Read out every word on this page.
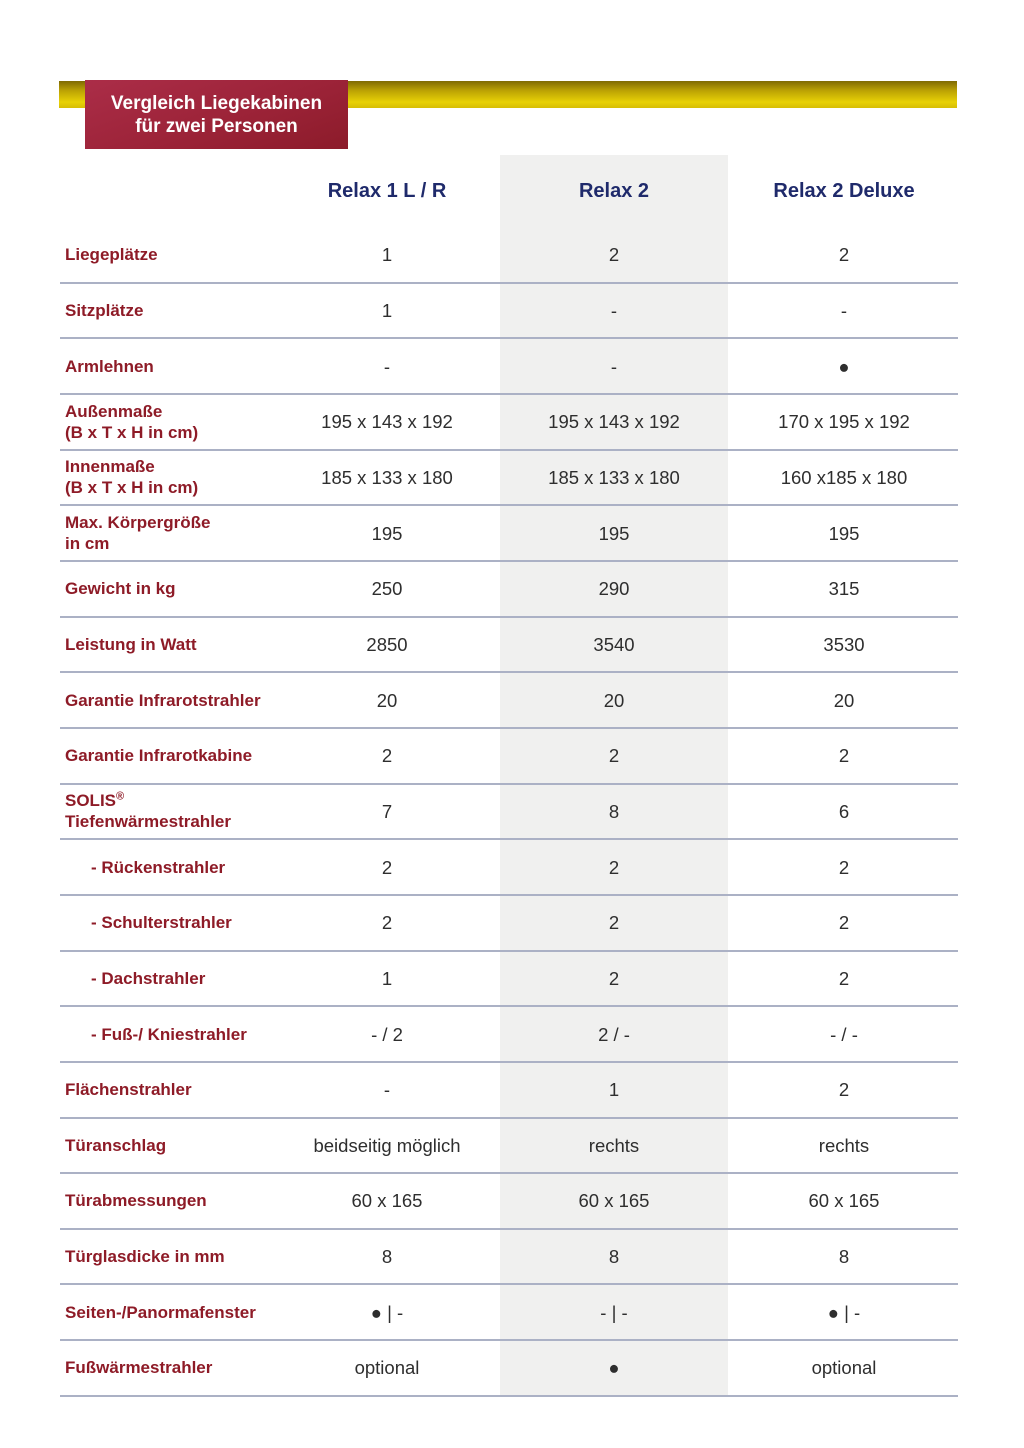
Vergleich Liegekabinen
für zwei Personen
Relax 1 L / R	Relax 2	Relax 2 Deluxe
Liegeplätze	1	2	2
Sitzplätze	1	-	-
Armlehnen	-	-	●
Außenmaße
(B x T x H in cm)	195 x 143 x 192	195 x 143 x 192	170 x 195 x 192
Innenmaße
(B x T x H in cm)	185 x 133 x 180	185 x 133 x 180	160 x185 x 180
Max. Körpergröße
in cm	195	195	195
Gewicht in kg	250	290	315
Leistung in Watt	2850	3540	3530
Garantie Infrarotstrahler	20	20	20
Garantie Infrarotkabine	2	2	2
SOLIS®
Tiefenwärmestrahler	7	8	6
- Rückenstrahler	2	2	2
- Schulterstrahler	2	2	2
- Dachstrahler	1	2	2
- Fuß-/ Kniestrahler	- / 2	2 / -	- / -
Flächenstrahler	-	1	2
Türanschlag	beidseitig möglich	rechts	rechts
Türabmessungen	60 x 165	60 x 165	60 x 165
Türglasdicke in mm	8	8	8
Seiten-/Panormafenster	● | -	- | -	● | -
Fußwärmestrahler	optional	●	optional
